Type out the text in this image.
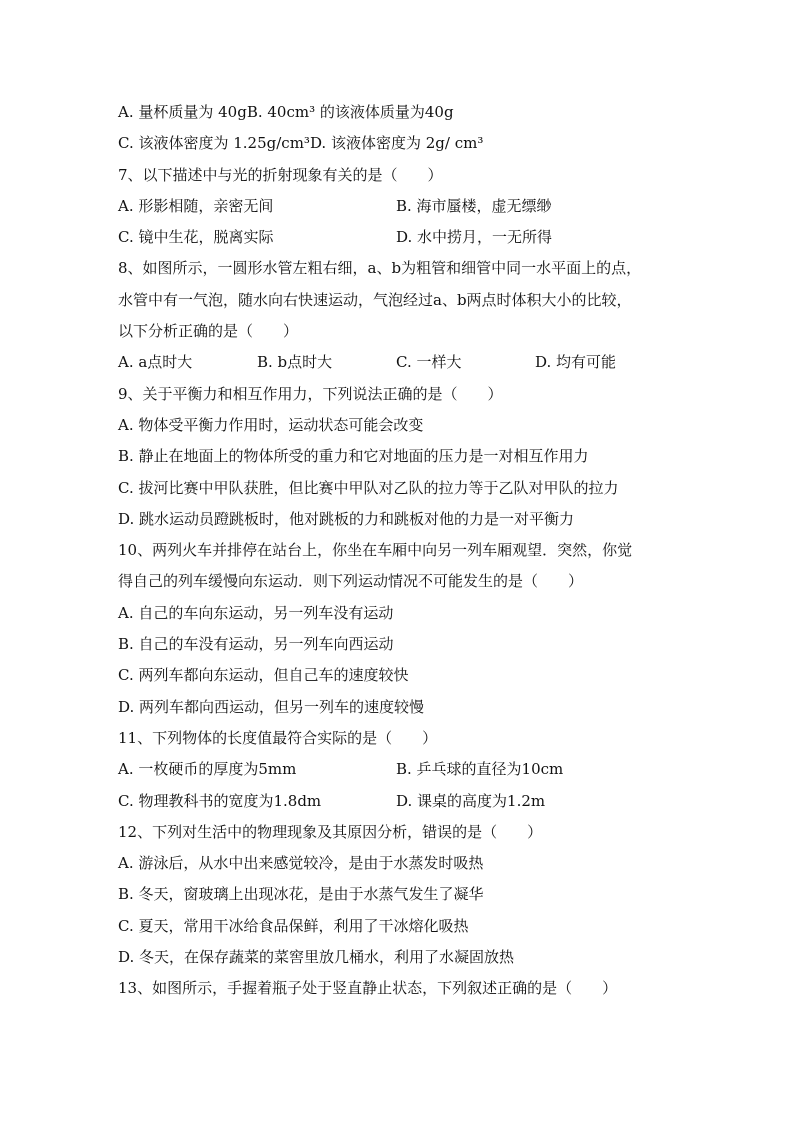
A. 量杯质量为 40gB. 40cm³ 的该液体质量为40g
C. 该液体密度为 1.25g/cm³D. 该液体密度为 2g/ cm³
7、以下描述中与光的折射现象有关的是（　　）
A. 形影相随，亲密无间	B. 海市蜃楼，虚无缥缈
C. 镜中生花，脱离实际	D. 水中捞月，一无所得
8、如图所示，一圆形水管左粗右细，a、b为粗管和细管中同一水平面上的点，
水管中有一气泡，随水向右快速运动，气泡经过a、b两点时体积大小的比较，
以下分析正确的是（　　）
A. a点时大	B. b点时大	C. 一样大	D. 均有可能
9、关于平衡力和相互作用力，下列说法正确的是（　　）
A. 物体受平衡力作用时，运动状态可能会改变
B. 静止在地面上的物体所受的重力和它对地面的压力是一对相互作用力
C. 拔河比赛中甲队获胜，但比赛中甲队对乙队的拉力等于乙队对甲队的拉力
D. 跳水运动员蹬跳板时，他对跳板的力和跳板对他的力是一对平衡力
10、两列火车并排停在站台上，你坐在车厢中向另一列车厢观望．突然，你觉
得自己的列车缓慢向东运动．则下列运动情况不可能发生的是（　　）
A. 自己的车向东运动，另一列车没有运动
B. 自己的车没有运动，另一列车向西运动
C. 两列车都向东运动，但自己车的速度较快
D. 两列车都向西运动，但另一列车的速度较慢
11、下列物体的长度值最符合实际的是（　　）
A. 一枚硬币的厚度为5mm	B. 乒乓球的直径为10cm
C. 物理教科书的宽度为1.8dm	D. 课桌的高度为1.2m
12、下列对生活中的物理现象及其原因分析，错误的是（　　）
A. 游泳后，从水中出来感觉较冷，是由于水蒸发时吸热
B. 冬天，窗玻璃上出现冰花，是由于水蒸气发生了凝华
C. 夏天，常用干冰给食品保鲜，利用了干冰熔化吸热
D. 冬天，在保存蔬菜的菜窖里放几桶水，利用了水凝固放热
13、如图所示，手握着瓶子处于竖直静止状态，下列叙述正确的是（　　）
